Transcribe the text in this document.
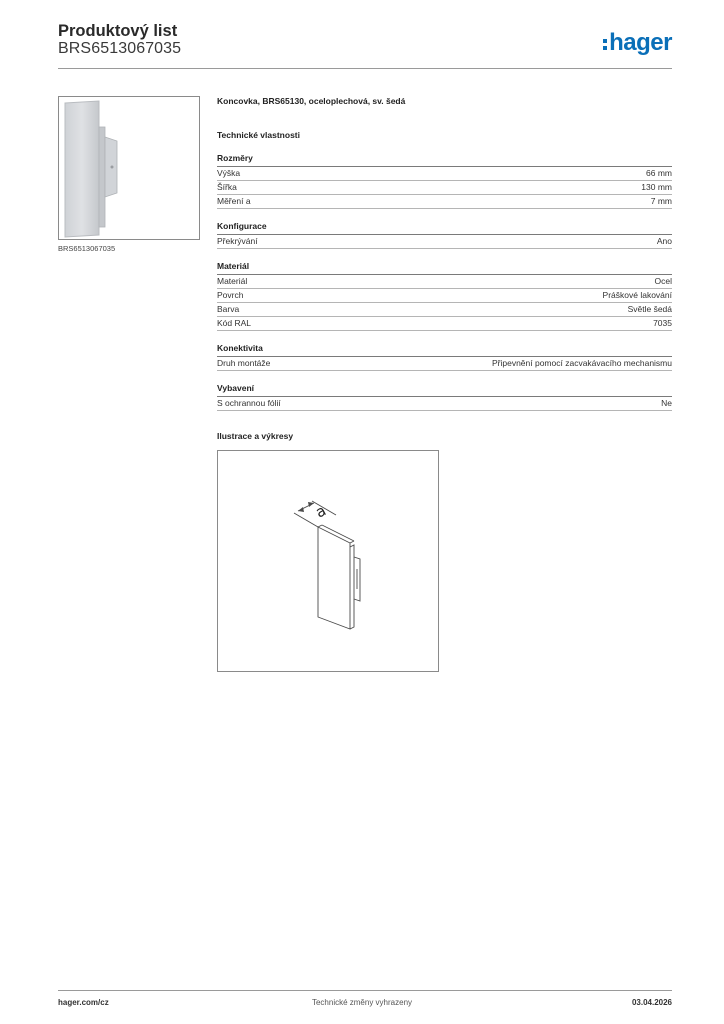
Produktový list
BRS6513067035	hager
BRS6513067035
Koncovka, BRS65130, oceloplechová, sv. šedá
Technické vlastnosti
Rozměry
Výška	66 mm
Šířka	130 mm
Měření a	7 mm
Konfigurace
Překrývání	Ano
Materiál
Materiál	Ocel
Povrch	Práškové lakování
Barva	Světle šedá
Kód RAL	7035
Konektivita
Druh montáže	Připevnění pomocí zacvakávacího mechanismu
Vybavení
S ochrannou fólií	Ne
Ilustrace a výkresy
a
hager.com/cz	Technické změny vyhrazeny	03.04.2026
